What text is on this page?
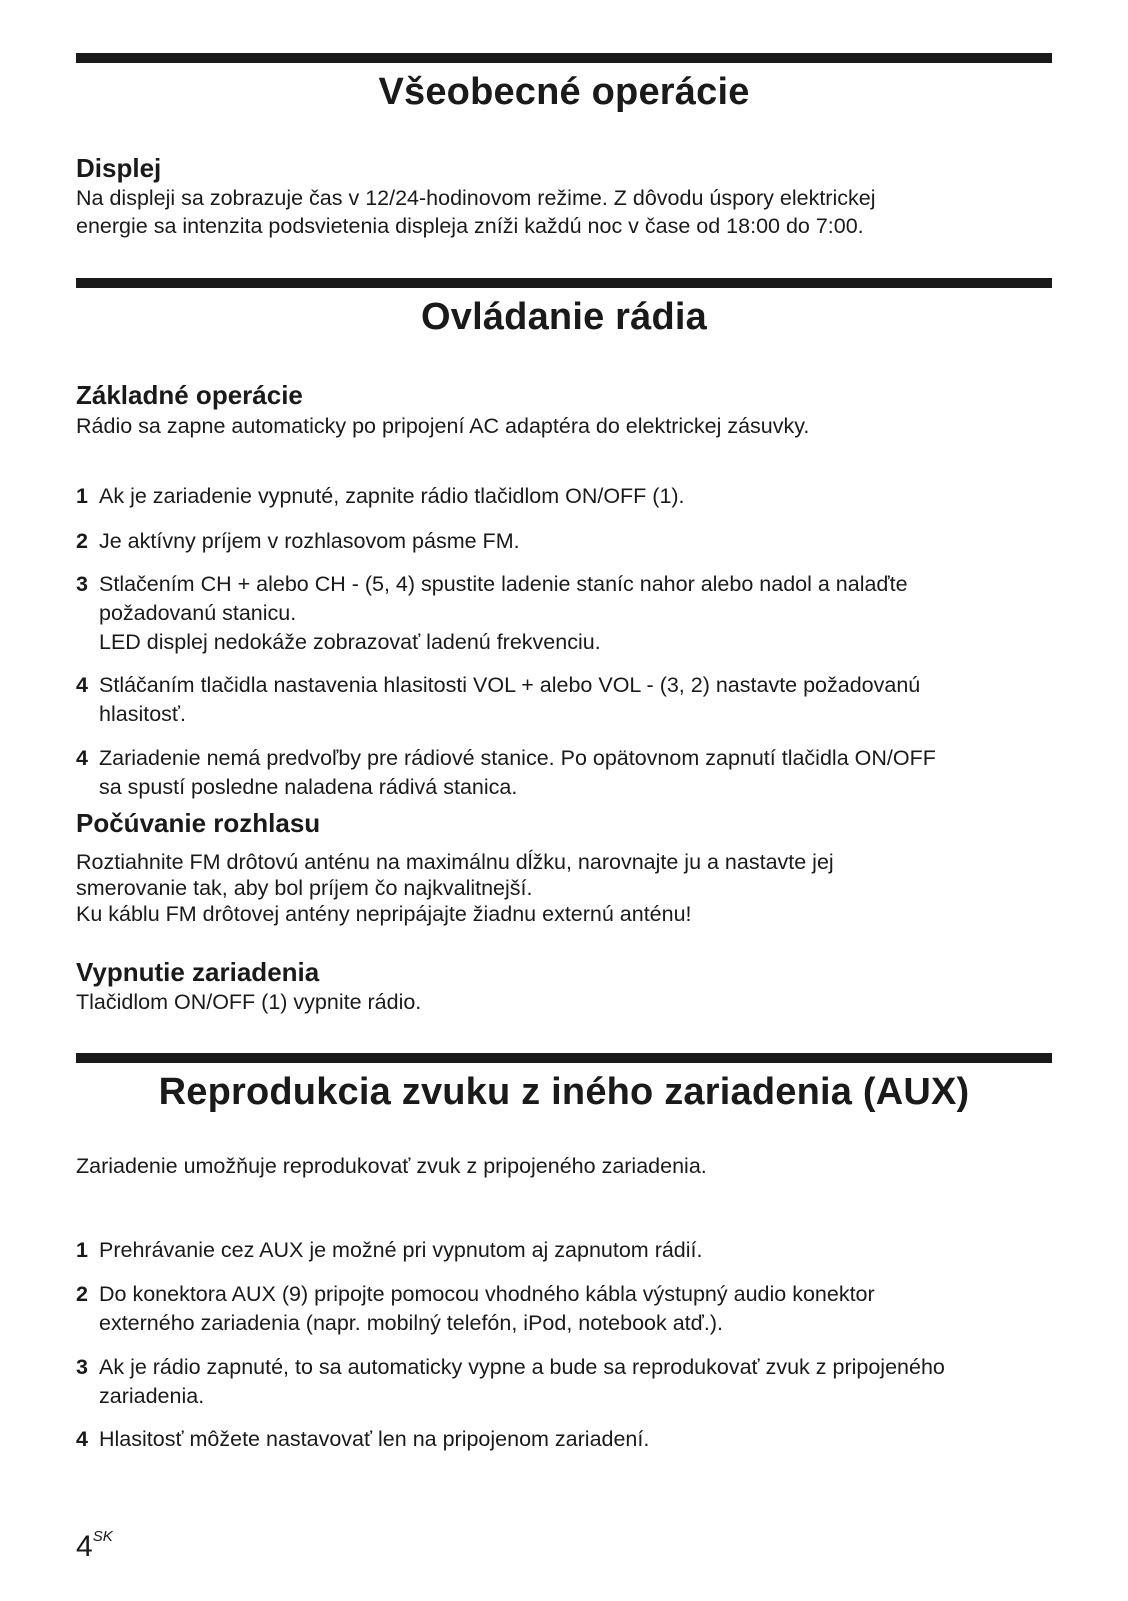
Všeobecné operácie
Displej
Na displeji sa zobrazuje čas v 12/24-hodinovom režime. Z dôvodu úspory elektrickej
energie sa intenzita podsvietenia displeja zníži každú noc v čase od 18:00 do 7:00.
Ovládanie rádia
Základné operácie
Rádio sa zapne automaticky po pripojení AC adaptéra do elektrickej zásuvky.
1 Ak je zariadenie vypnuté, zapnite rádio tlačidlom ON/OFF (1).
2 Je aktívny príjem v rozhlasovom pásme FM.
3 Stlačením CH + alebo CH - (5, 4) spustite ladenie staníc nahor alebo nadol a nalaďte
požadovanú stanicu.
LED displej nedokáže zobrazovať ladenú frekvenciu.
4 Stláčaním tlačidla nastavenia hlasitosti VOL + alebo VOL - (3, 2) nastavte požadovanú
hlasitosť.
4 Zariadenie nemá predvoľby pre rádiové stanice. Po opätovnom zapnutí tlačidla ON/OFF
sa spustí posledne naladena rádivá stanica.
Počúvanie rozhlasu
Roztiahnite FM drôtovú anténu na maximálnu dĺžku, narovnajte ju a nastavte jej
smerovanie tak, aby bol príjem čo najkvalitnejší.
Ku káblu FM drôtovej antény nepripájajte žiadnu externú anténu!
Vypnutie zariadenia
Tlačidlom ON/OFF (1) vypnite rádio.
Reprodukcia zvuku z iného zariadenia (AUX)
Zariadenie umožňuje reprodukovať zvuk z pripojeného zariadenia.
1 Prehrávanie cez AUX je možné pri vypnutom aj zapnutom rádií.
2 Do konektora AUX (9) pripojte pomocou vhodného kábla výstupný audio konektor
externého zariadenia (napr. mobilný telefón, iPod, notebook atď.).
3 Ak je rádio zapnuté, to sa automaticky vypne a bude sa reprodukovať zvuk z pripojeného
zariadenia.
4 Hlasitosť môžete nastavovať len na pripojenom zariadení.
$4^{SK}$
